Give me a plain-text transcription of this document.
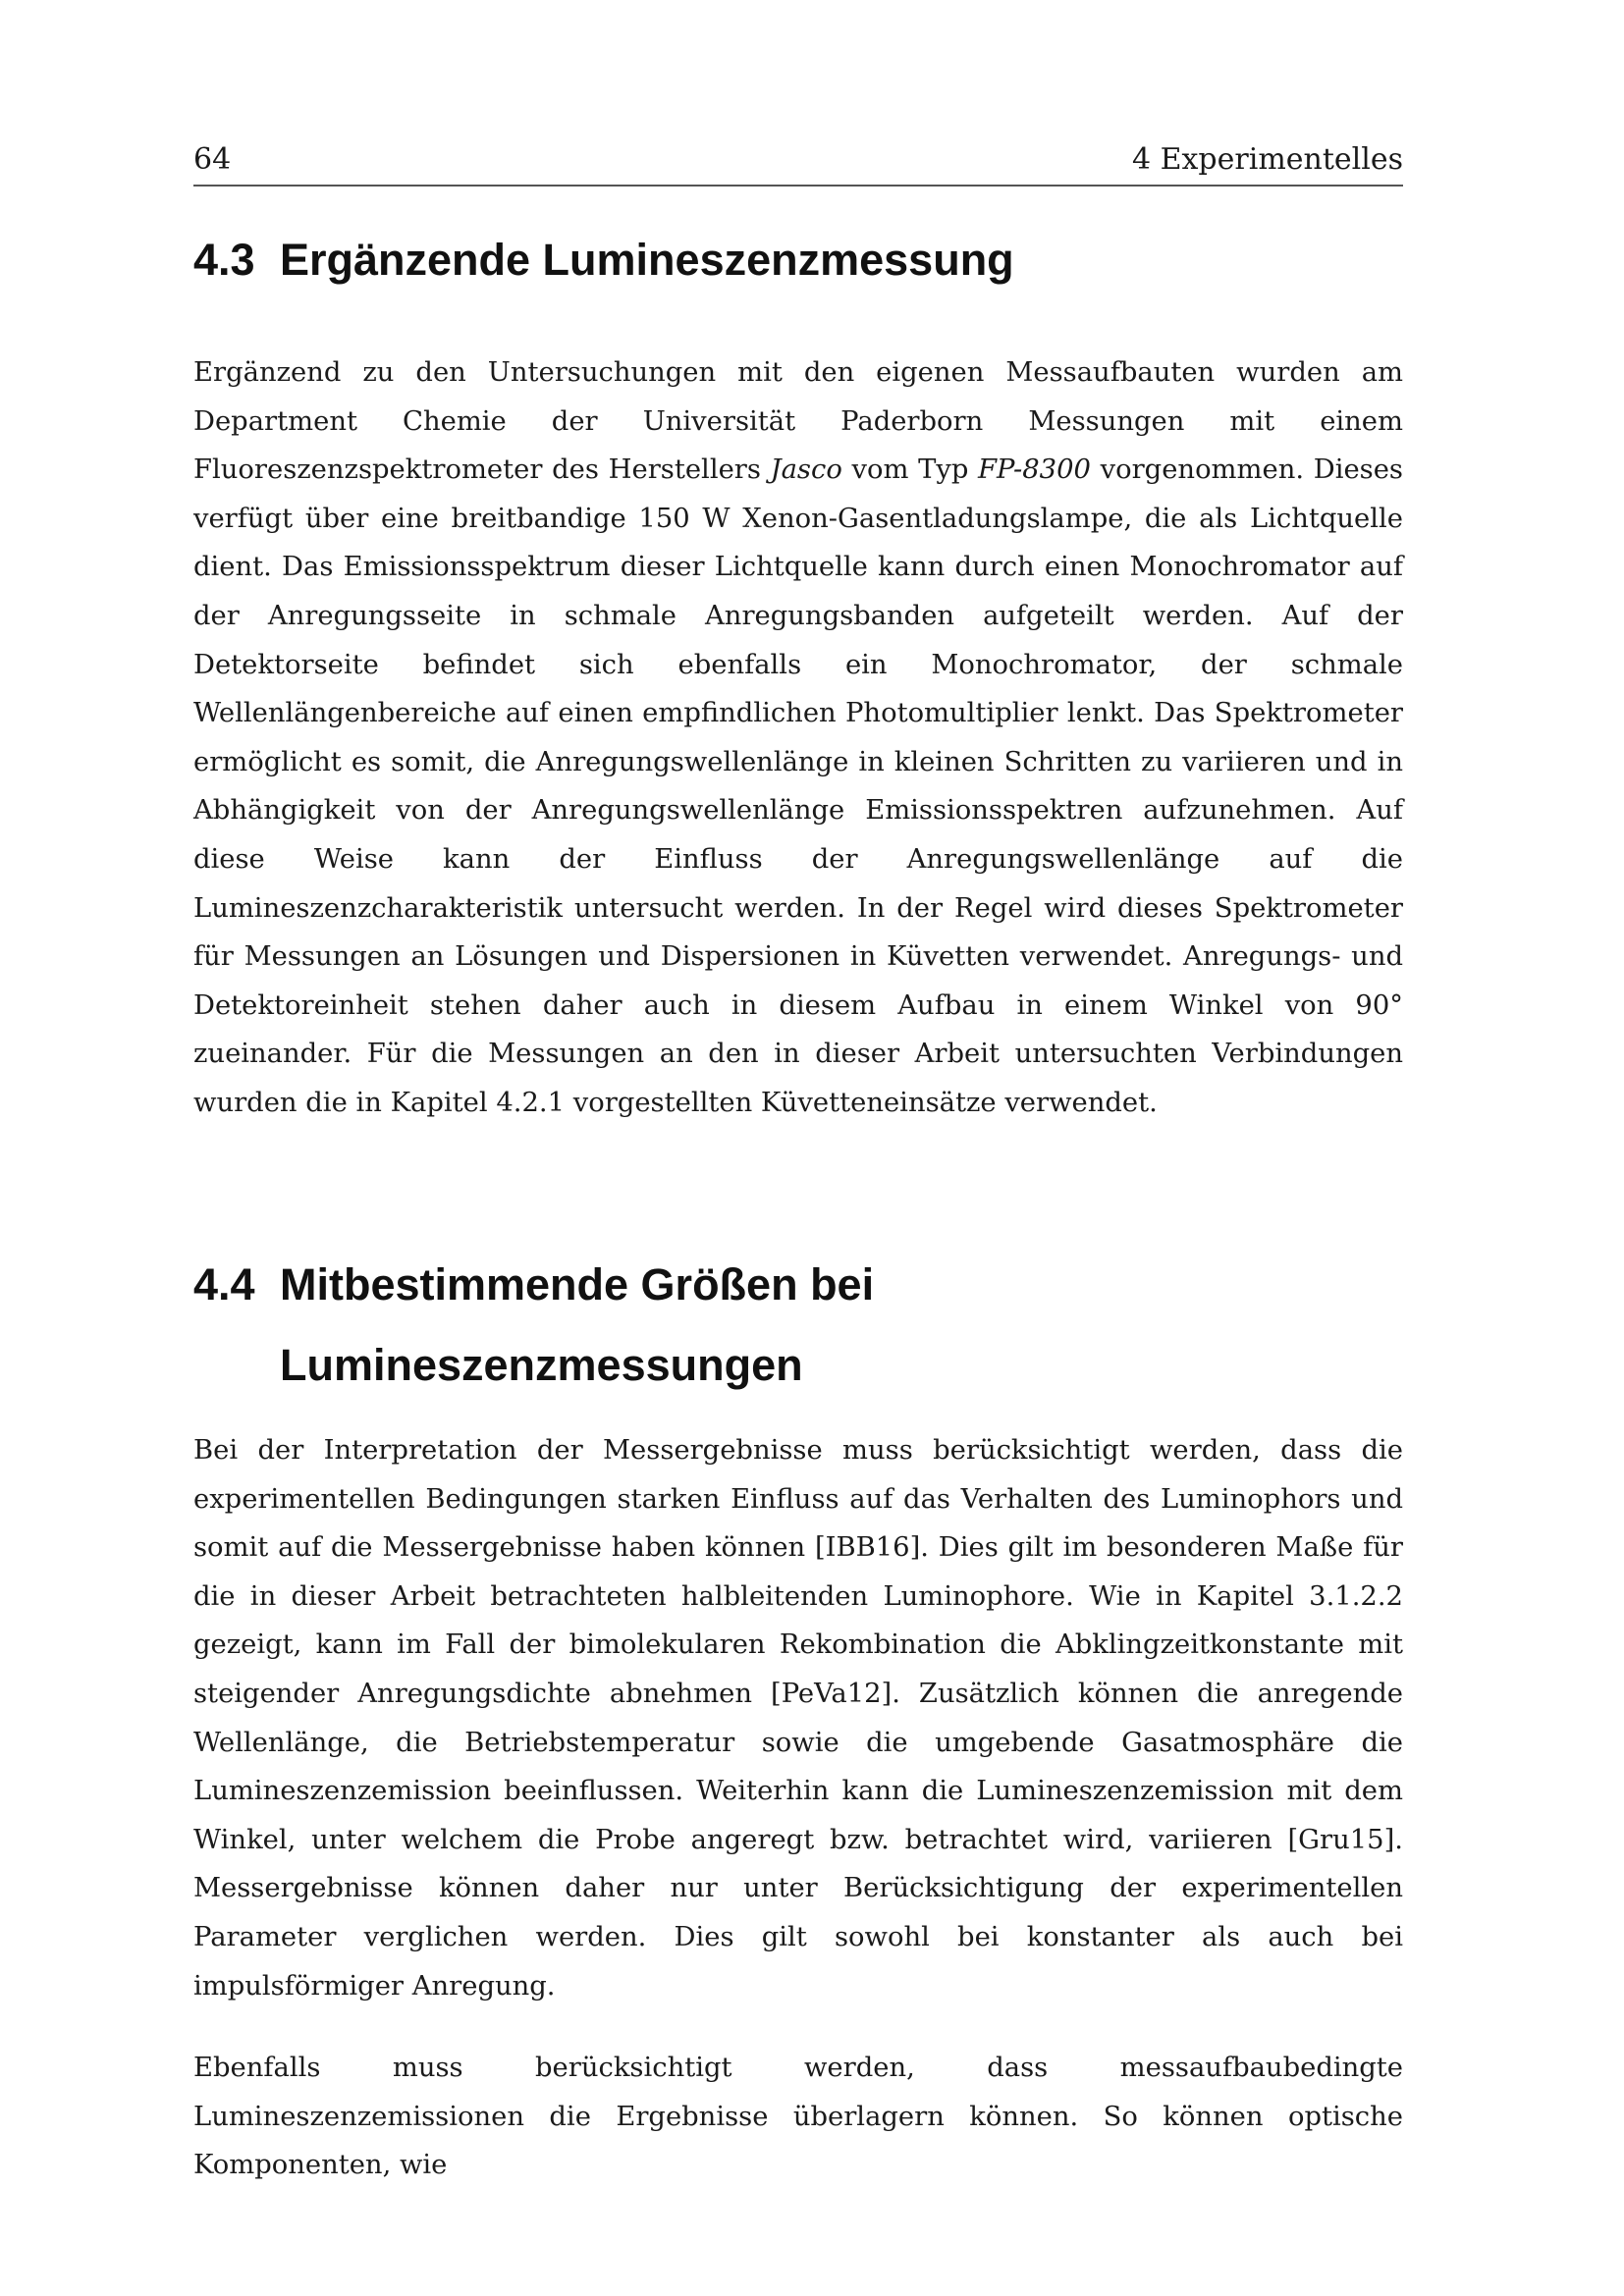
64	4 Experimentelles
4.3 Ergänzende Lumineszenzmessung

Ergänzend zu den Untersuchungen mit den eigenen Messaufbauten wurden am Department Chemie der Universität Paderborn Messungen mit einem Fluoreszenzspektrometer des Herstellers Jasco vom Typ FP-8300 vorgenommen. Dieses verfügt über eine breitbandige 150 W Xenon-Gasentladungslampe, die als Lichtquelle dient. Das Emissionsspektrum dieser Lichtquelle kann durch einen Monochromator auf der Anregungsseite in schmale Anregungsbanden aufgeteilt werden. Auf der Detektorseite befindet sich ebenfalls ein Monochromator, der schmale Wellenlängenbereiche auf einen empfindlichen Photomultiplier lenkt. Das Spektrometer ermöglicht es somit, die Anregungswellenlänge in kleinen Schritten zu variieren und in Abhängigkeit von der Anregungswellenlänge Emissionsspektren aufzunehmen. Auf diese Weise kann der Einfluss der Anregungswellenlänge auf die Lumineszenzcharakteristik untersucht werden. In der Regel wird dieses Spektrometer für Messungen an Lösungen und Dispersionen in Küvetten verwendet. Anregungs- und Detektoreinheit stehen daher auch in diesem Aufbau in einem Winkel von 90° zueinander. Für die Messungen an den in dieser Arbeit untersuchten Verbindungen wurden die in Kapitel 4.2.1 vorgestellten Küvetteneinsätze verwendet.

4.4 Mitbestimmende Größen bei
Lumineszenzmessungen

Bei der Interpretation der Messergebnisse muss berücksichtigt werden, dass die experimentellen Bedingungen starken Einfluss auf das Verhalten des Luminophors und somit auf die Messergebnisse haben können [IBB16]. Dies gilt im besonderen Maße für die in dieser Arbeit betrachteten halbleitenden Luminophore. Wie in Kapitel 3.1.2.2 gezeigt, kann im Fall der bimolekularen Rekombination die Abklingzeitkonstante mit steigender Anregungsdichte abnehmen [PeVa12]. Zusätzlich können die anregende Wellenlänge, die Betriebstemperatur sowie die umgebende Gasatmosphäre die Lumineszenzemission beeinflussen. Weiterhin kann die Lumineszenzemission mit dem Winkel, unter welchem die Probe angeregt bzw. betrachtet wird, variieren [Gru15]. Messergebnisse können daher nur unter Berücksichtigung der experimentellen Parameter verglichen werden. Dies gilt sowohl bei konstanter als auch bei impulsförmiger Anregung.

Ebenfalls muss berücksichtigt werden, dass messaufbaubedingte Lumineszenzemissionen die Ergebnisse überlagern können. So können optische Komponenten, wie
